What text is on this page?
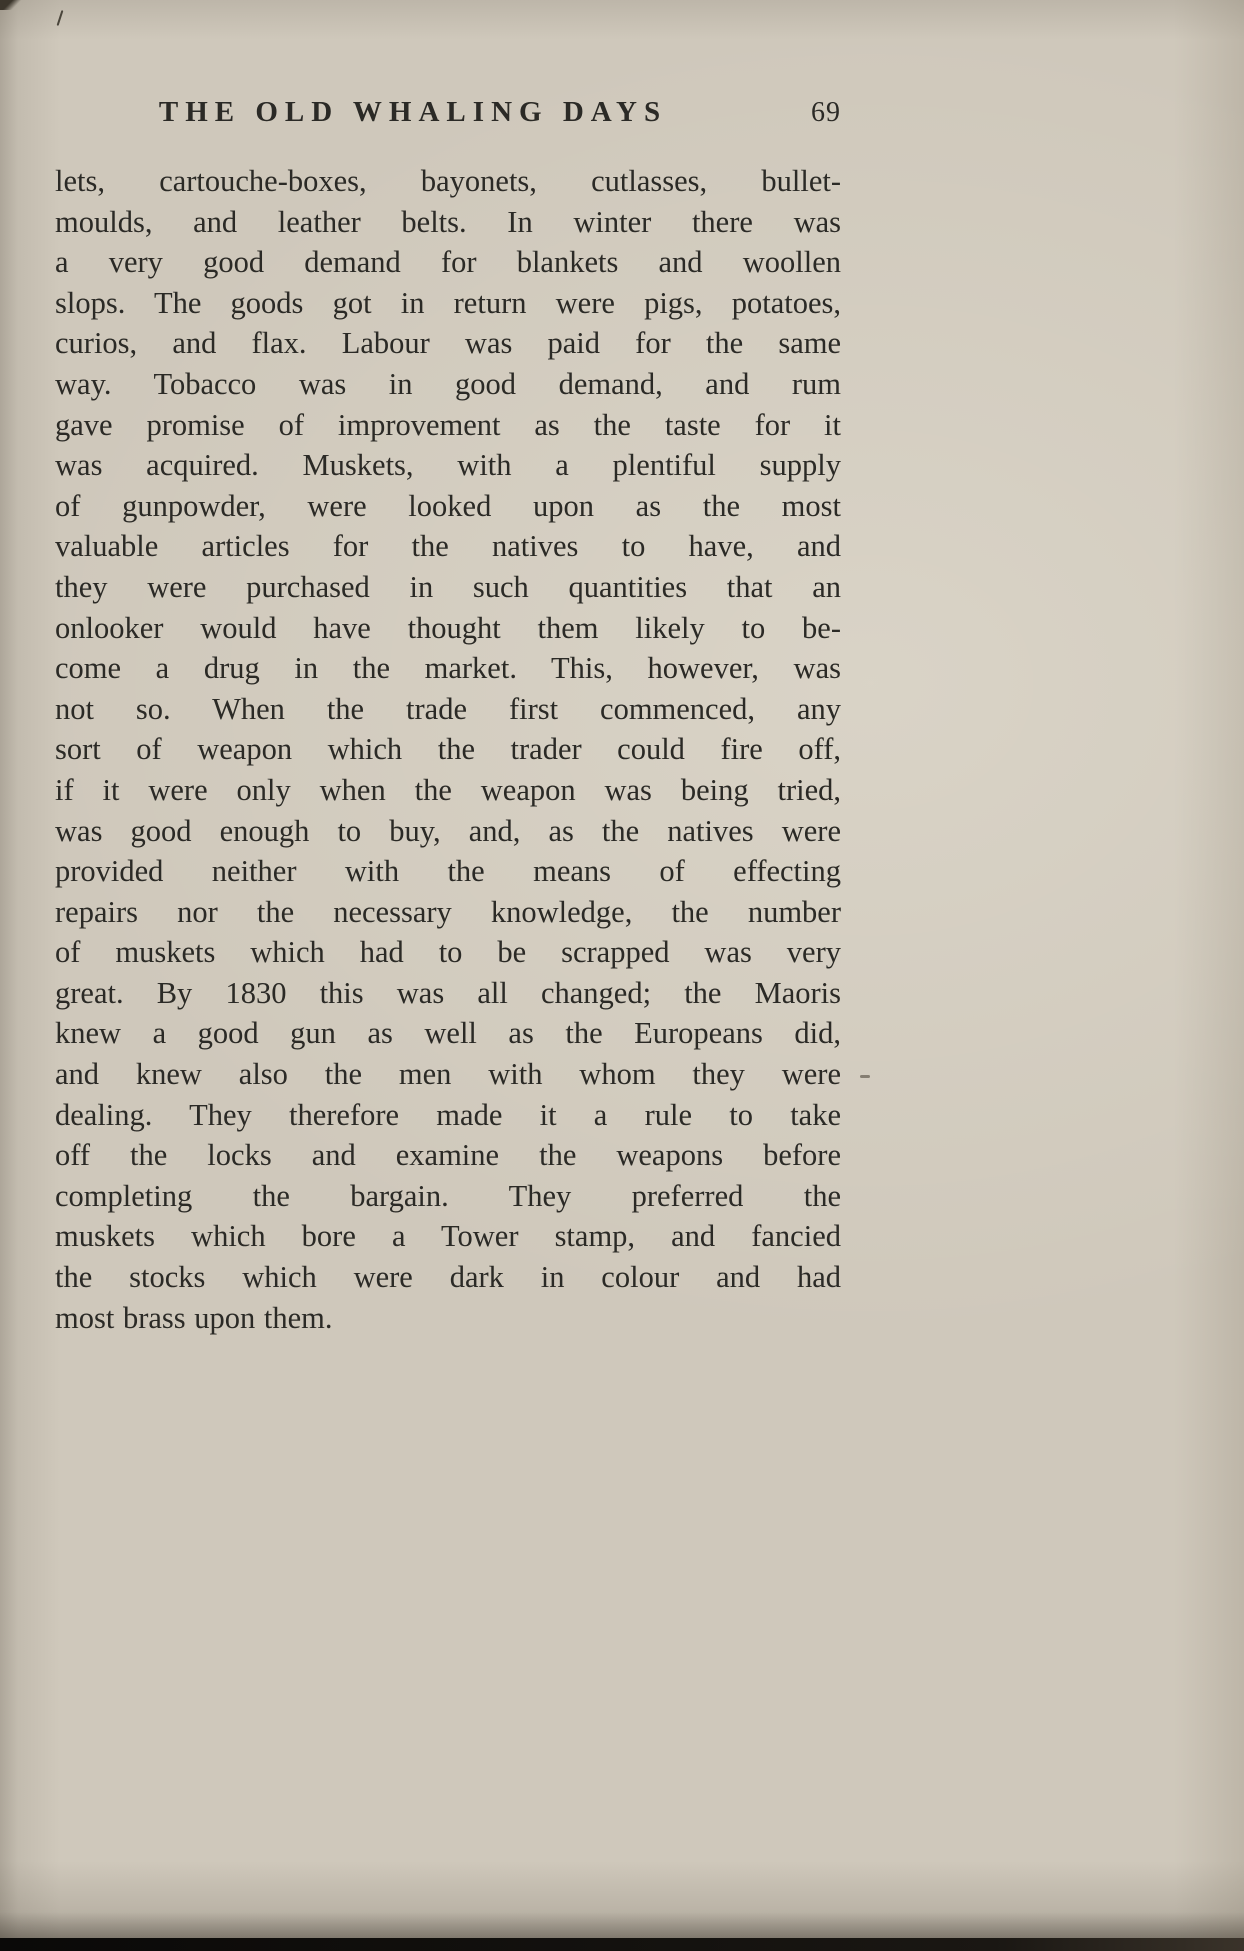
THE OLD WHALING DAYS	69
lets, cartouche-boxes, bayonets, cutlasses, bullet-
moulds, and leather belts. In winter there was
a very good demand for blankets and woollen
slops. The goods got in return were pigs, potatoes,
curios, and flax. Labour was paid for the same
way. Tobacco was in good demand, and rum
gave promise of improvement as the taste for it
was acquired. Muskets, with a plentiful supply
of gunpowder, were looked upon as the most
valuable articles for the natives to have, and
they were purchased in such quantities that an
onlooker would have thought them likely to be-
come a drug in the market. This, however, was
not so. When the trade first commenced, any
sort of weapon which the trader could fire off,
if it were only when the weapon was being tried,
was good enough to buy, and, as the natives were
provided neither with the means of effecting
repairs nor the necessary knowledge, the number
of muskets which had to be scrapped was very
great. By 1830 this was all changed; the Maoris
knew a good gun as well as the Europeans did,
and knew also the men with whom they were
dealing. They therefore made it a rule to take
off the locks and examine the weapons before
completing the bargain. They preferred the
muskets which bore a Tower stamp, and fancied
the stocks which were dark in colour and had
most brass upon them.
